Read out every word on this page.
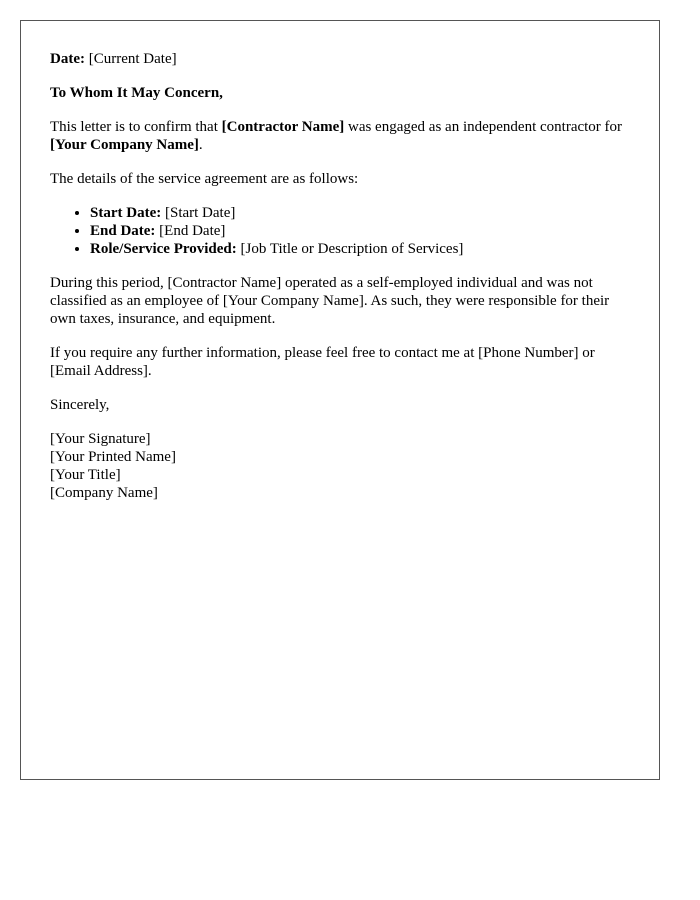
Date: [Current Date]

To Whom It May Concern,

This letter is to confirm that [Contractor Name] was engaged as an independent contractor for [Your Company Name].

The details of the service agreement are as follows:

• Start Date: [Start Date]
• End Date: [End Date]
• Role/Service Provided: [Job Title or Description of Services]

During this period, [Contractor Name] operated as a self-employed individual and was not classified as an employee of [Your Company Name]. As such, they were responsible for their own taxes, insurance, and equipment.

If you require any further information, please feel free to contact me at [Phone Number] or [Email Address].

Sincerely,

[Your Signature]

[Your Printed Name]

[Your Title]

[Company Name]
